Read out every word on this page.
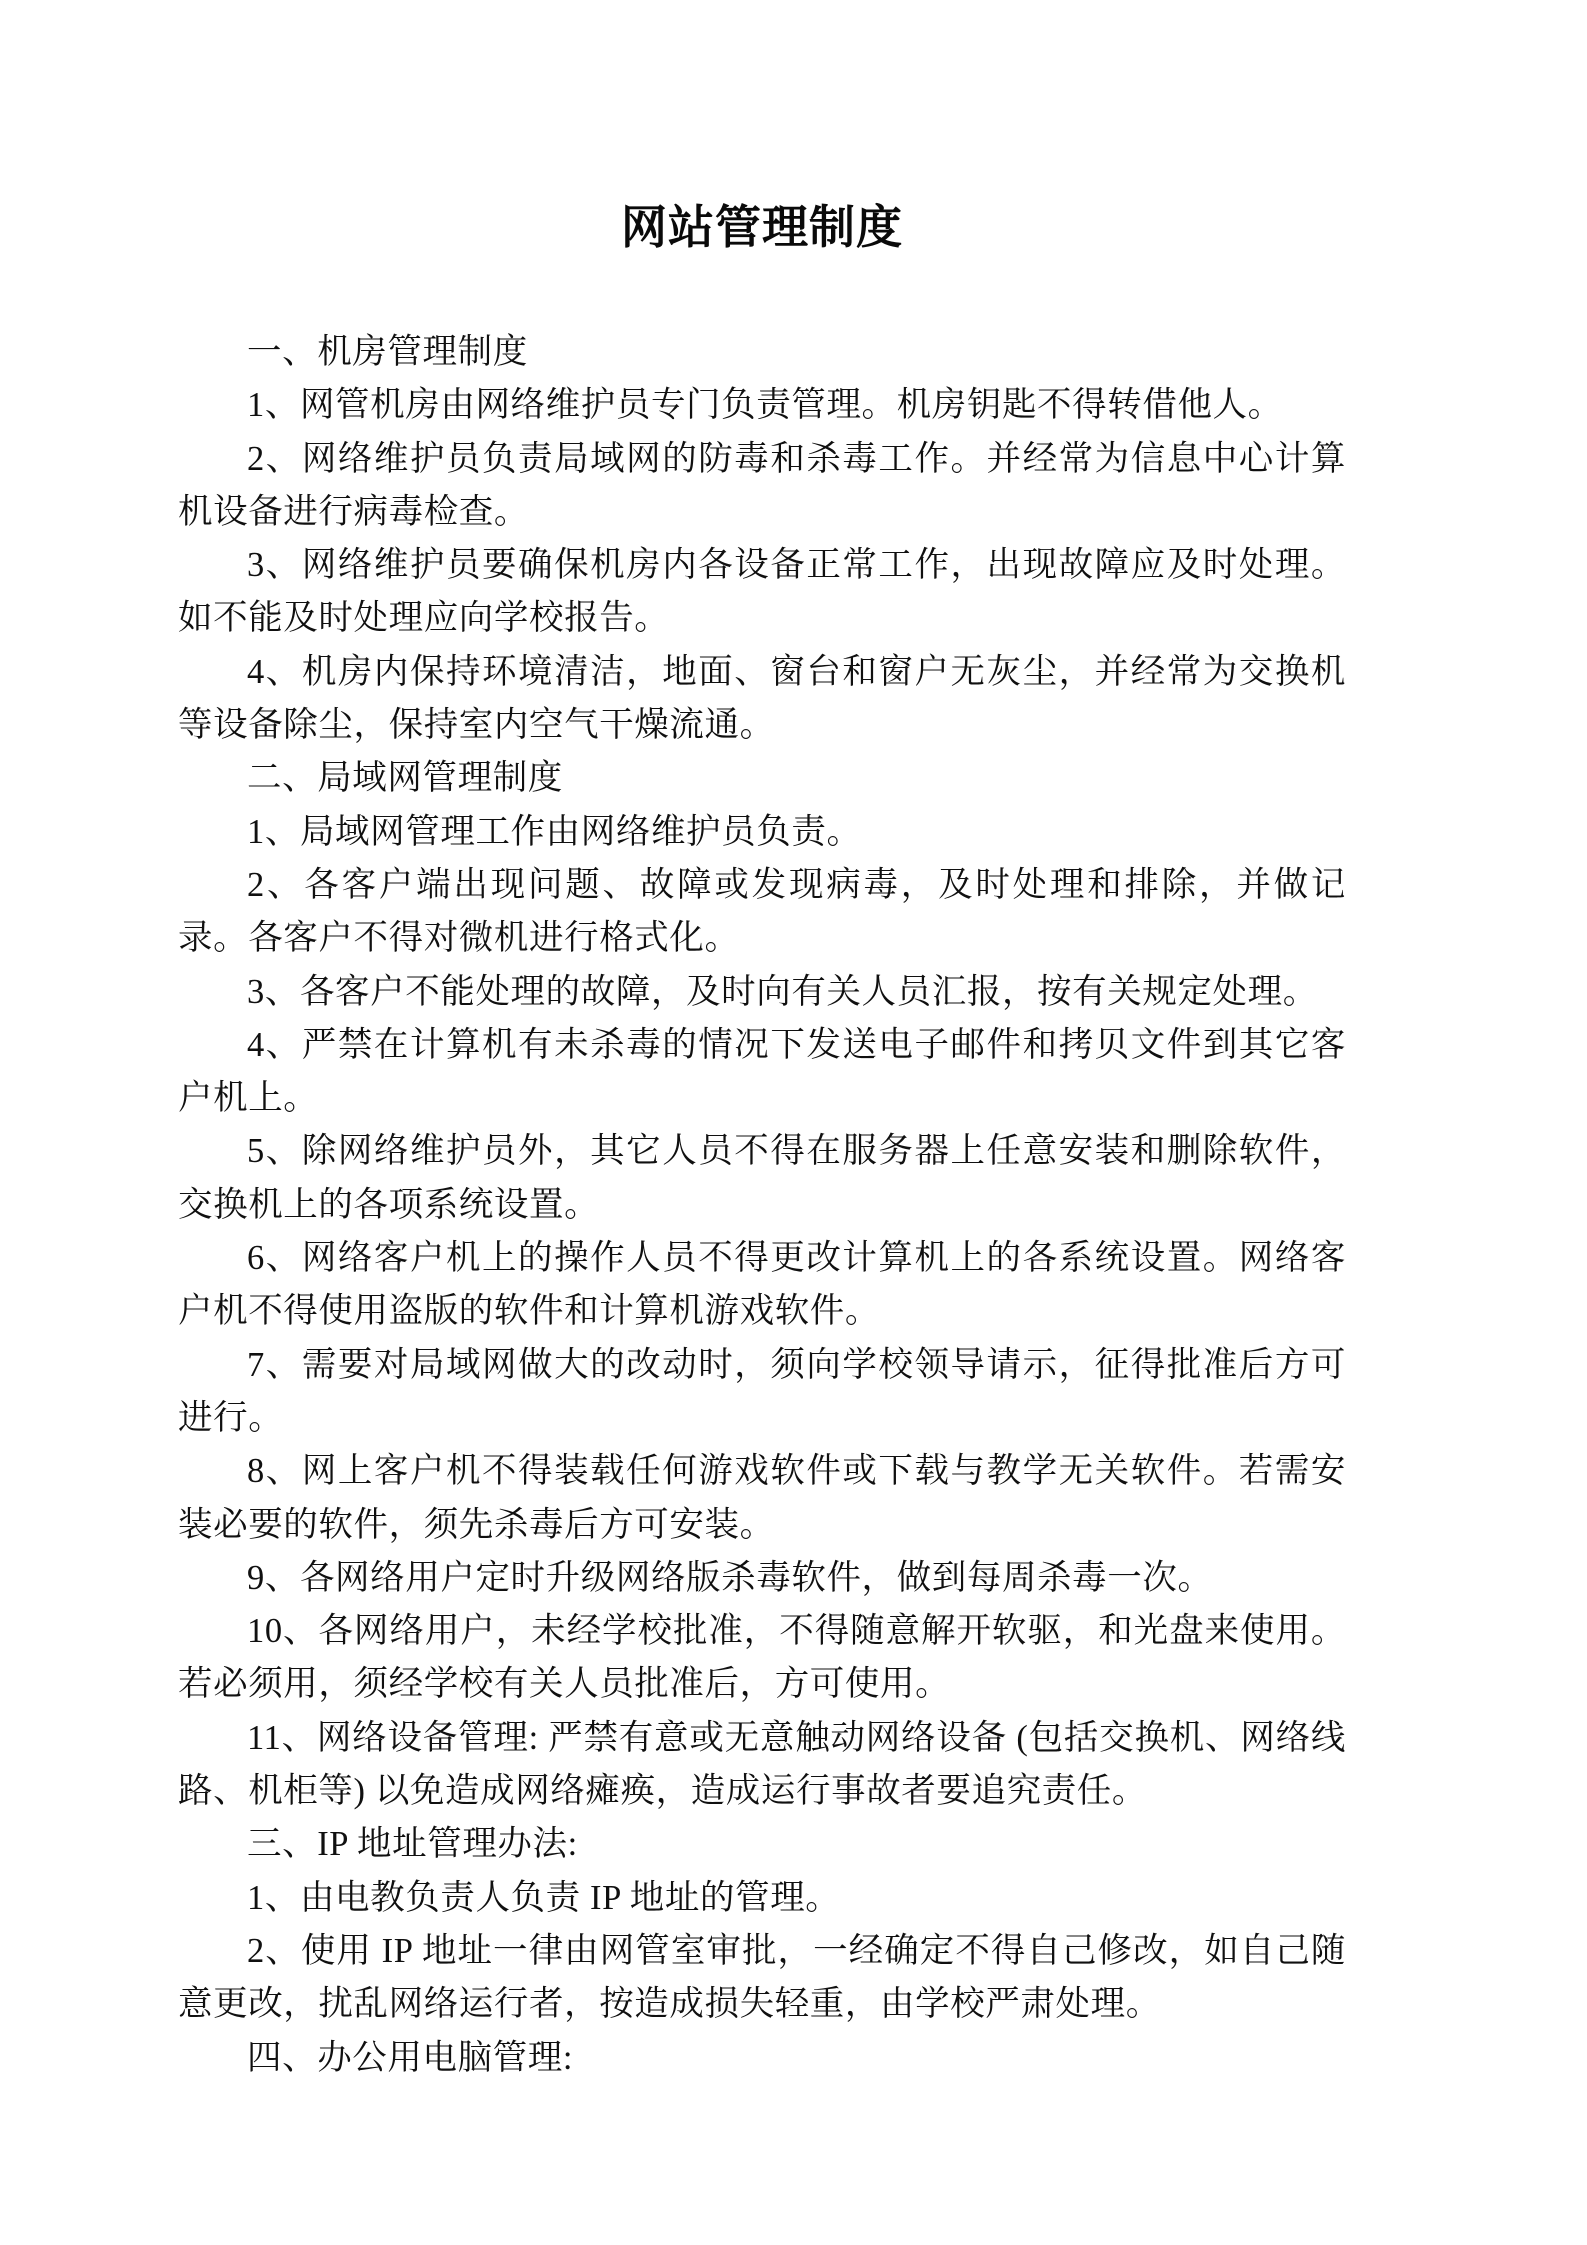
网站管理制度

一、机房管理制度

1、网管机房由网络维护员专门负责管理。机房钥匙不得转借他人。

2、网络维护员负责局域网的防毒和杀毒工作。并经常为信息中心计算机设备进行病毒检查。

3、网络维护员要确保机房内各设备正常工作，出现故障应及时处理。如不能及时处理应向学校报告。

4、机房内保持环境清洁，地面、窗台和窗户无灰尘，并经常为交换机等设备除尘，保持室内空气干燥流通。

二、局域网管理制度

1、局域网管理工作由网络维护员负责。

2、各客户端出现问题、故障或发现病毒，及时处理和排除，并做记录。各客户不得对微机进行格式化。

3、各客户不能处理的故障，及时向有关人员汇报，按有关规定处理。

4、严禁在计算机有未杀毒的情况下发送电子邮件和拷贝文件到其它客户机上。

5、除网络维护员外，其它人员不得在服务器上任意安装和删除软件，交换机上的各项系统设置。

6、网络客户机上的操作人员不得更改计算机上的各系统设置。网络客户机不得使用盗版的软件和计算机游戏软件。

7、需要对局域网做大的改动时，须向学校领导请示，征得批准后方可进行。

8、网上客户机不得装载任何游戏软件或下载与教学无关软件。若需安装必要的软件，须先杀毒后方可安装。

9、各网络用户定时升级网络版杀毒软件，做到每周杀毒一次。

10、各网络用户，未经学校批准，不得随意解开软驱，和光盘来使用。若必须用，须经学校有关人员批准后，方可使用。

11、网络设备管理: 严禁有意或无意触动网络设备 (包括交换机、网络线路、机柜等) 以免造成网络瘫痪，造成运行事故者要追究责任。

三、IP 地址管理办法:

1、由电教负责人负责 IP 地址的管理。

2、使用 IP 地址一律由网管室审批，一经确定不得自己修改，如自己随意更改，扰乱网络运行者，按造成损失轻重，由学校严肃处理。

四、办公用电脑管理:
